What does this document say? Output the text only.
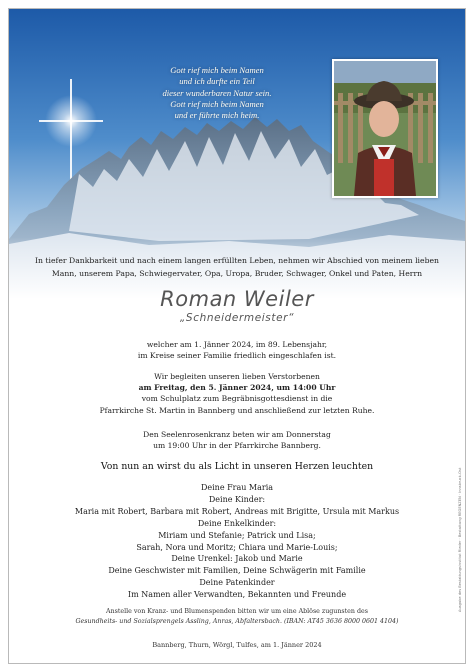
Gott rief mich beim Namen
und ich durfte ein Teil
dieser wunderbaren Natur sein.
Gott rief mich beim Namen
und er führte mich heim.
In tiefer Dankbarkeit und nach einem langen erfüllten Leben, nehmen wir Abschied von meinem lieben
Mann, unserem Papa, Schwiegervater, Opa, Uropa, Bruder, Schwager, Onkel und Paten, Herrn
Roman Weiler
„Schneidermeister“
welcher am 1. Jänner 2024, im 89. Lebensjahr,
im Kreise seiner Familie friedlich eingeschlafen ist.
Wir begleiten unseren lieben Verstorbenen
am Freitag, den 5. Jänner 2024, um 14:00 Uhr
vom Schulplatz zum Begräbnisgottesdienst in die
Pfarrkirche St. Martin in Bannberg und anschließend zur letzten Ruhe.
Den Seelenrosenkranz beten wir am Donnerstag
um 19:00 Uhr in der Pfarrkirche Bannberg.
Von nun an wirst du als Licht in unseren Herzen leuchten
Deine Frau Maria
Deine Kinder:
Maria mit Robert, Barbara mit Robert, Andreas mit Brigitte, Ursula mit Markus
Deine Enkelkinder:
Miriam und Stefanie; Patrick und Lisa;
Sarah, Nora und Moritz; Chiara und Marie-Louis;
Deine Urenkel: Jakob und Marie
Deine Geschwister mit Familien, Deine Schwägerin mit Familie
Deine Patenkinder
Im Namen aller Verwandten, Bekannten und Freunde
Anstelle von Kranz- und Blumenspenden bitten wir um eine Ablöse zugunsten des
Gesundheits- und Sozialsprengels Assling, Anras, Abfaltersbach. (IBAN: AT45 3636 8000 0601 4104)
Bannberg, Thurn, Wörgl, Tulfes, am 1. Jänner 2024
Ausgabe des Bestattungsinstitut Rieder · Bestattung REGENZEN · Innsbruck-Ost
